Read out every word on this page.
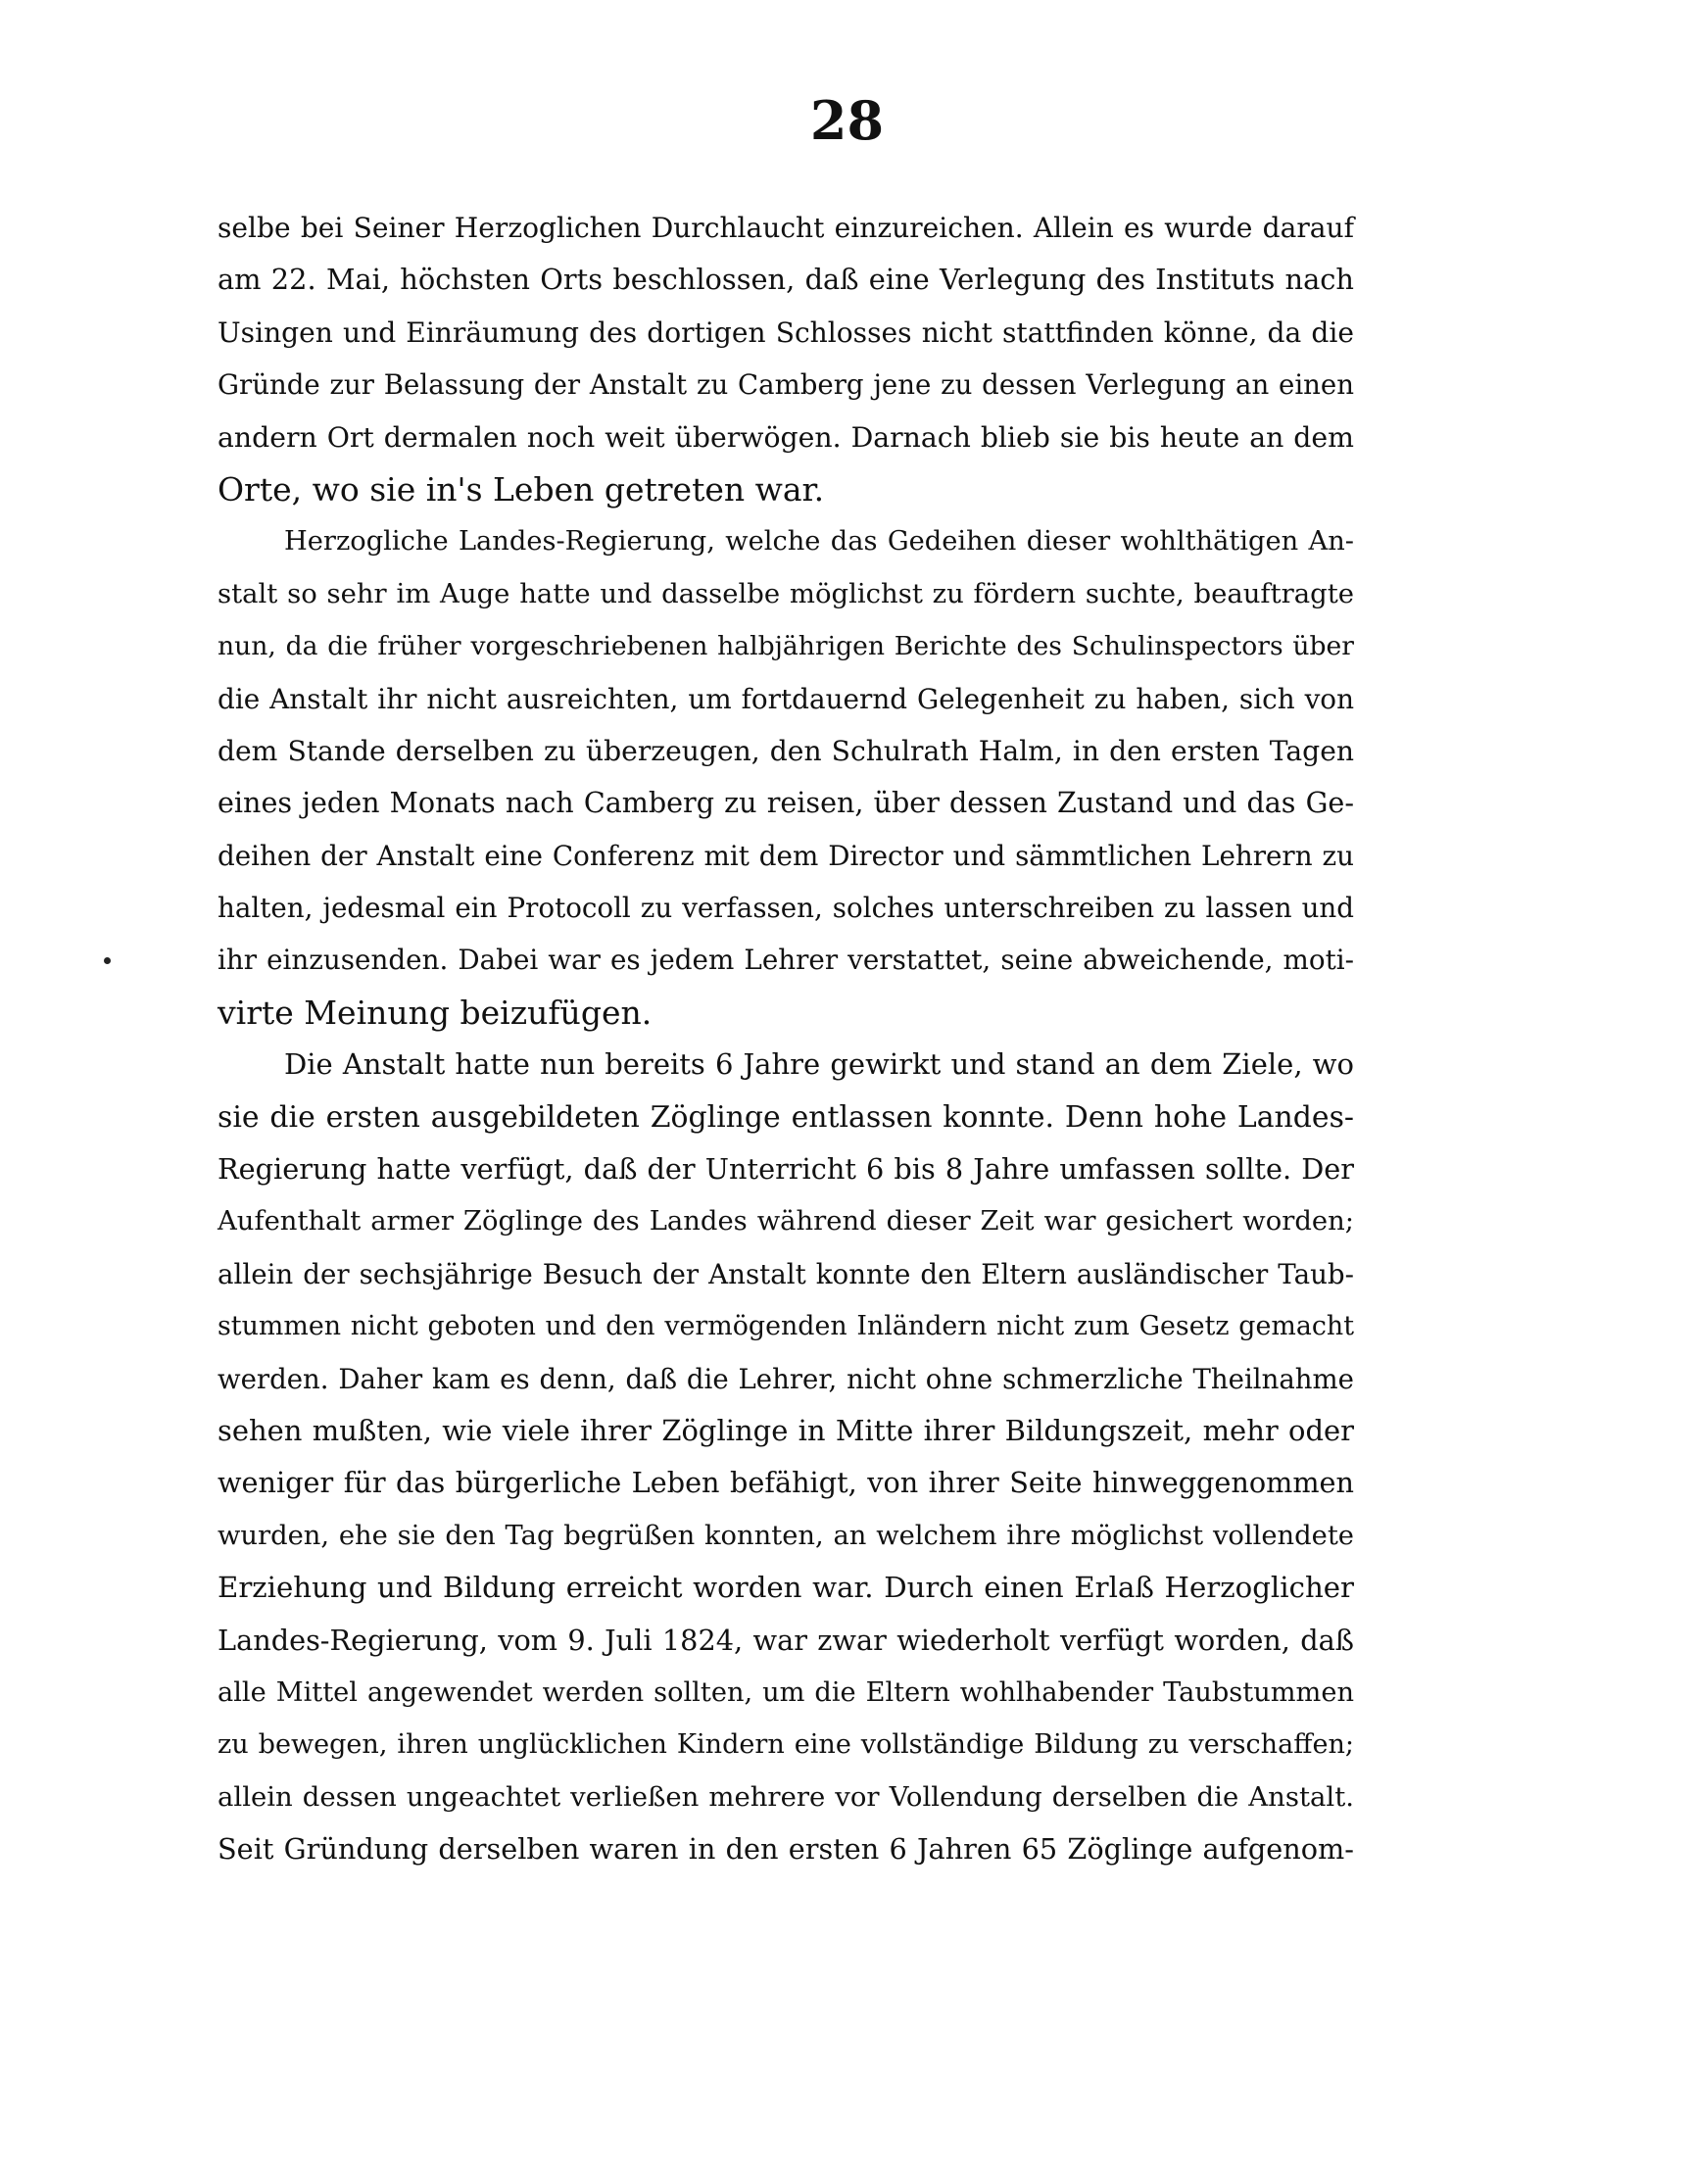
28
selbe bei Seiner Herzoglichen Durchlaucht einzureichen. Allein es wurde darauf
am 22. Mai, höchsten Orts beschlossen, daß eine Verlegung des Instituts nach
Usingen und Einräumung des dortigen Schlosses nicht stattfinden könne, da die
Gründe zur Belassung der Anstalt zu Camberg jene zu dessen Verlegung an einen
andern Ort dermalen noch weit überwögen. Darnach blieb sie bis heute an dem
Orte, wo sie in's Leben getreten war.
Herzogliche Landes-Regierung, welche das Gedeihen dieser wohlthätigen An-
stalt so sehr im Auge hatte und dasselbe möglichst zu fördern suchte, beauftragte
nun, da die früher vorgeschriebenen halbjährigen Berichte des Schulinspectors über
die Anstalt ihr nicht ausreichten, um fortdauernd Gelegenheit zu haben, sich von
dem Stande derselben zu überzeugen, den Schulrath Halm, in den ersten Tagen
eines jeden Monats nach Camberg zu reisen, über dessen Zustand und das Ge-
deihen der Anstalt eine Conferenz mit dem Director und sämmtlichen Lehrern zu
halten, jedesmal ein Protocoll zu verfassen, solches unterschreiben zu lassen und
ihr einzusenden. Dabei war es jedem Lehrer verstattet, seine abweichende, moti-
virte Meinung beizufügen.
Die Anstalt hatte nun bereits 6 Jahre gewirkt und stand an dem Ziele, wo
sie die ersten ausgebildeten Zöglinge entlassen konnte. Denn hohe Landes-
Regierung hatte verfügt, daß der Unterricht 6 bis 8 Jahre umfassen sollte. Der
Aufenthalt armer Zöglinge des Landes während dieser Zeit war gesichert worden;
allein der sechsjährige Besuch der Anstalt konnte den Eltern ausländischer Taub-
stummen nicht geboten und den vermögenden Inländern nicht zum Gesetz gemacht
werden. Daher kam es denn, daß die Lehrer, nicht ohne schmerzliche Theilnahme
sehen mußten, wie viele ihrer Zöglinge in Mitte ihrer Bildungszeit, mehr oder
weniger für das bürgerliche Leben befähigt, von ihrer Seite hinweggenommen
wurden, ehe sie den Tag begrüßen konnten, an welchem ihre möglichst vollendete
Erziehung und Bildung erreicht worden war. Durch einen Erlaß Herzoglicher
Landes-Regierung, vom 9. Juli 1824, war zwar wiederholt verfügt worden, daß
alle Mittel angewendet werden sollten, um die Eltern wohlhabender Taubstummen
zu bewegen, ihren unglücklichen Kindern eine vollständige Bildung zu verschaffen;
allein dessen ungeachtet verließen mehrere vor Vollendung derselben die Anstalt.
Seit Gründung derselben waren in den ersten 6 Jahren 65 Zöglinge aufgenom-
